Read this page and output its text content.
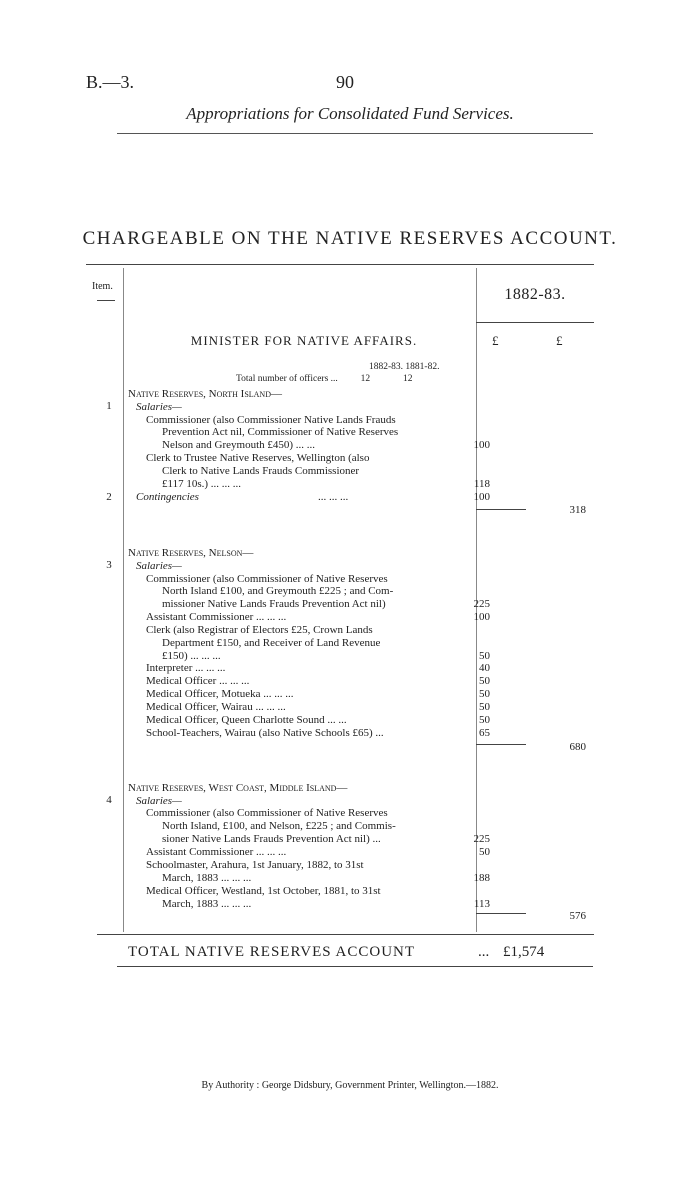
B.—3.	90
Appropriations for Consolidated Fund Services.
CHARGEABLE ON THE NATIVE RESERVES ACCOUNT.
Item.	1882-83.
MINISTER FOR NATIVE AFFAIRS.	£	£
1882-83. 1881-82.
Total number of officers ... 12	12
Native Reserves, North Island—
1	Salaries—
Commissioner (also Commissioner Native Lands Frauds
Prevention Act nil, Commissioner of Native Reserves
Nelson and Greymouth £450) ... ...	100
Clerk to Trustee Native Reserves, Wellington (also
Clerk to Native Lands Frauds Commissioner
£117 10s.) ... ... ...	118
2	Contingencies	... ... ...	100
318
Native Reserves, Nelson—
3	Salaries—
Commissioner (also Commissioner of Native Reserves
North Island £100, and Greymouth £225 ; and Com-
missioner Native Lands Frauds Prevention Act nil)	225
Assistant Commissioner ... ... ...	100
Clerk (also Registrar of Electors £25, Crown Lands
Department £150, and Receiver of Land Revenue
£150) ... ... ...	50
Interpreter ... ... ...	40
Medical Officer ... ... ...	50
Medical Officer, Motueka ... ... ...	50
Medical Officer, Wairau ... ... ...	50
Medical Officer, Queen Charlotte Sound ... ...	50
School-Teachers, Wairau (also Native Schools £65) ...	65
680
Native Reserves, West Coast, Middle Island—
4	Salaries—
Commissioner (also Commissioner of Native Reserves
North Island, £100, and Nelson, £225 ; and Commis-
sioner Native Lands Frauds Prevention Act nil) ...	225
Assistant Commissioner ... ... ...	50
Schoolmaster, Arahura, 1st January, 1882, to 31st
March, 1883 ... ... ...	188
Medical Officer, Westland, 1st October, 1881, to 31st
March, 1883 ... ... ...	113
576
TOTAL NATIVE RESERVES ACCOUNT	... £1,574
By Authority : George Didsbury, Government Printer, Wellington.—1882.
